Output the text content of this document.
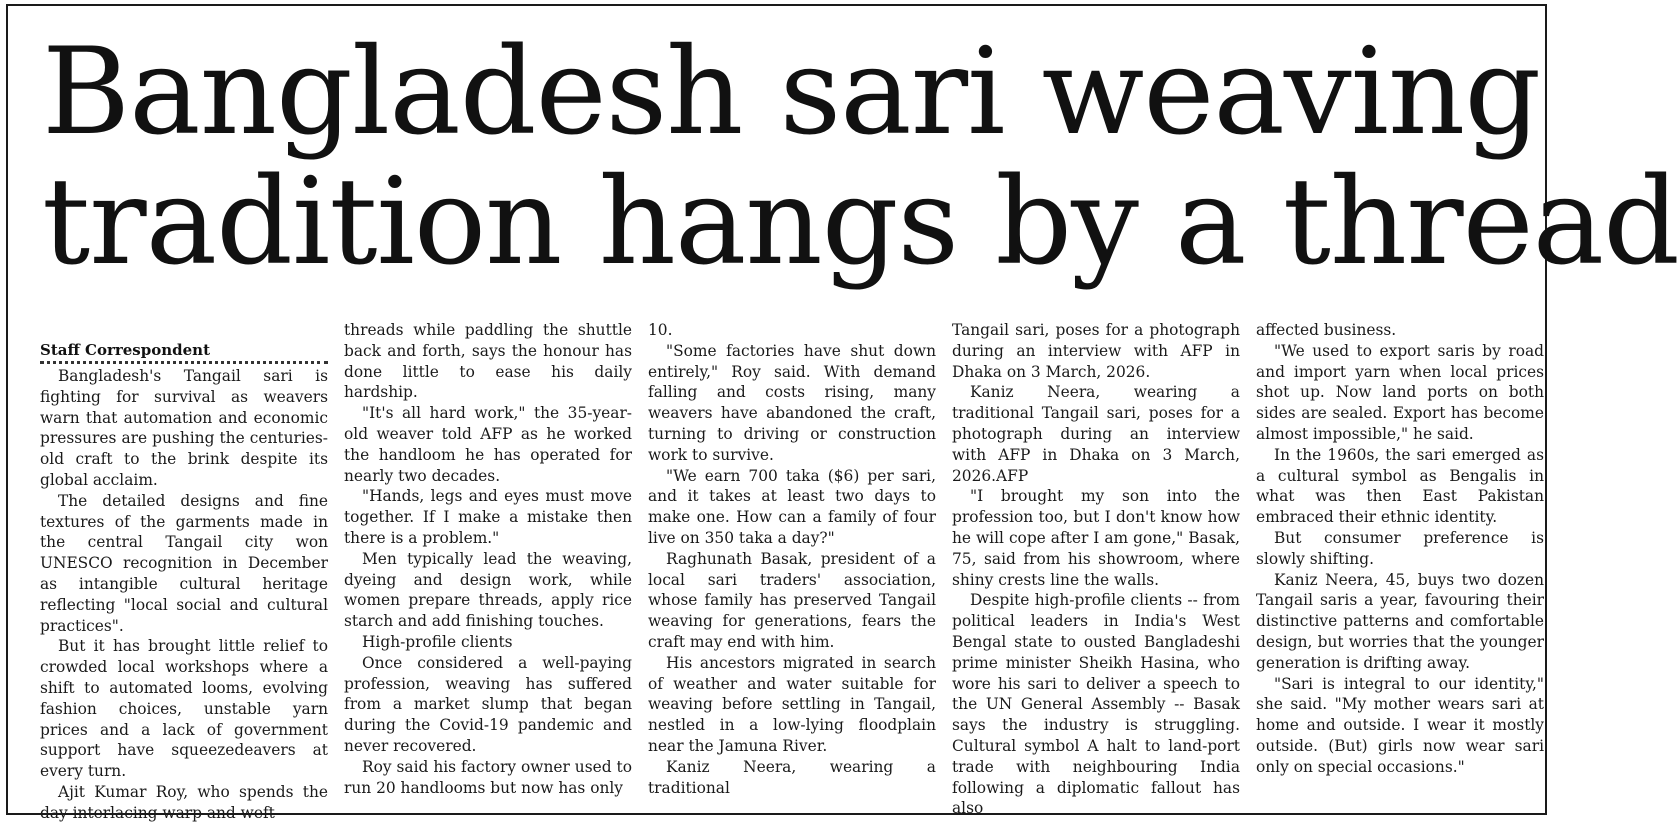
Bangladesh sari weaving
tradition hangs by a thread

Staff Correspondent

Bangladesh's Tangail sari is fighting for survival as weavers warn that automation and economic pressures are pushing the centuries-old craft to the brink despite its global acclaim.

The detailed designs and fine textures of the garments made in the central Tangail city won UNESCO recognition in December as intangible cultural heritage reflecting "local social and cultural practices".

But it has brought little relief to crowded local workshops where a shift to automated looms, evolving fashion choices, unstable yarn prices and a lack of government support have squeezedeavers at every turn.

Ajit Kumar Roy, who spends the day interlacing warp and weft

threads while paddling the shuttle back and forth, says the honour has done little to ease his daily hardship.

"It's all hard work," the 35-year-old weaver told AFP as he worked the handloom he has operated for nearly two decades.

"Hands, legs and eyes must move together. If I make a mistake then there is a problem."

Men typically lead the weaving, dyeing and design work, while women prepare threads, apply rice starch and add finishing touches.

High-profile clients

Once considered a well-paying profession, weaving has suffered from a market slump that began during the Covid-19 pandemic and never recovered.

Roy said his factory owner used to run 20 handlooms but now has only

10.

"Some factories have shut down entirely," Roy said. With demand falling and costs rising, many weavers have abandoned the craft, turning to driving or construction work to survive.

"We earn 700 taka ($6) per sari, and it takes at least two days to make one. How can a family of four live on 350 taka a day?"

Raghunath Basak, president of a local sari traders' association, whose family has preserved Tangail weaving for generations, fears the craft may end with him.

His ancestors migrated in search of weather and water suitable for weaving before settling in Tangail, nestled in a low-lying floodplain near the Jamuna River.

Kaniz Neera, wearing a traditional

Tangail sari, poses for a photograph during an interview with AFP in Dhaka on 3 March, 2026.

Kaniz Neera, wearing a traditional Tangail sari, poses for a photograph during an interview with AFP in Dhaka on 3 March, 2026.AFP

"I brought my son into the profession too, but I don't know how he will cope after I am gone," Basak, 75, said from his showroom, where shiny crests line the walls.

Despite high-profile clients -- from political leaders in India's West Bengal state to ousted Bangladeshi prime minister Sheikh Hasina, who wore his sari to deliver a speech to the UN General Assembly -- Basak says the industry is struggling. Cultural symbol A halt to land-port trade with neighbouring India following a diplomatic fallout has also

affected business.

"We used to export saris by road and import yarn when local prices shot up. Now land ports on both sides are sealed. Export has become almost impossible," he said.

In the 1960s, the sari emerged as a cultural symbol as Bengalis in what was then East Pakistan embraced their ethnic identity.

But consumer preference is slowly shifting.

Kaniz Neera, 45, buys two dozen Tangail saris a year, favouring their distinctive patterns and comfortable design, but worries that the younger generation is drifting away.

"Sari is integral to our identity," she said. "My mother wears sari at home and outside. I wear it mostly outside. (But) girls now wear sari only on special occasions."
